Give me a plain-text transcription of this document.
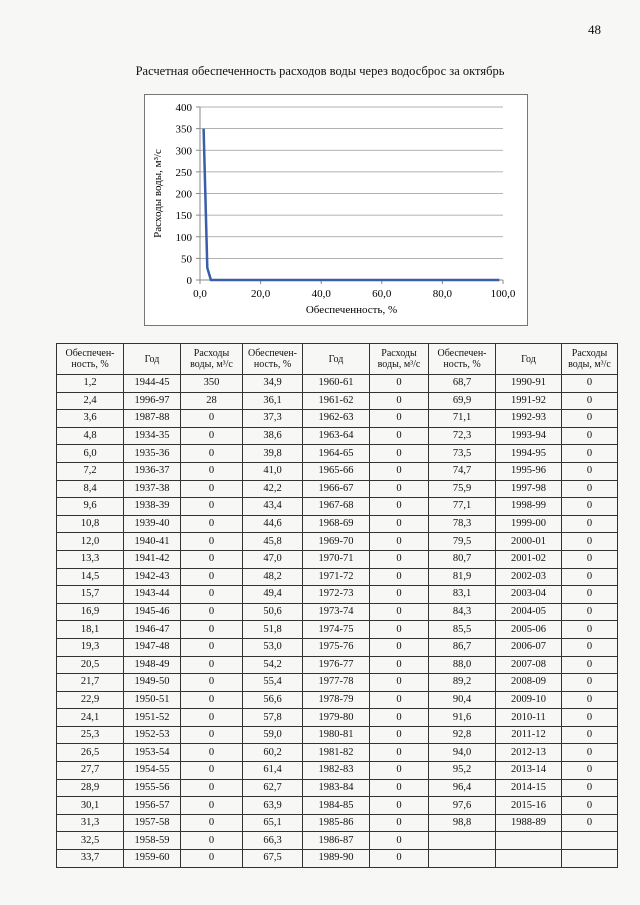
48
Расчетная обеспеченность расходов воды через водосброс за октябрь
0
50
100
150
200
250
300
350
400
0,0	20,0	40,0	60,0	80,0	100,0
Обеспеченность, %
Расходы воды, м³/с
Обеспечен-
ность, %	Год	Расходы
воды, м³/с	Обеспечен-
ность, %	Год	Расходы
воды, м³/с	Обеспечен-
ность, %	Год	Расходы
воды, м³/с
1,2	1944-45	350	34,9	1960-61	0	68,7	1990-91	0
2,4	1996-97	28	36,1	1961-62	0	69,9	1991-92	0
3,6	1987-88	0	37,3	1962-63	0	71,1	1992-93	0
4,8	1934-35	0	38,6	1963-64	0	72,3	1993-94	0
6,0	1935-36	0	39,8	1964-65	0	73,5	1994-95	0
7,2	1936-37	0	41,0	1965-66	0	74,7	1995-96	0
8,4	1937-38	0	42,2	1966-67	0	75,9	1997-98	0
9,6	1938-39	0	43,4	1967-68	0	77,1	1998-99	0
10,8	1939-40	0	44,6	1968-69	0	78,3	1999-00	0
12,0	1940-41	0	45,8	1969-70	0	79,5	2000-01	0
13,3	1941-42	0	47,0	1970-71	0	80,7	2001-02	0
14,5	1942-43	0	48,2	1971-72	0	81,9	2002-03	0
15,7	1943-44	0	49,4	1972-73	0	83,1	2003-04	0
16,9	1945-46	0	50,6	1973-74	0	84,3	2004-05	0
18,1	1946-47	0	51,8	1974-75	0	85,5	2005-06	0
19,3	1947-48	0	53,0	1975-76	0	86,7	2006-07	0
20,5	1948-49	0	54,2	1976-77	0	88,0	2007-08	0
21,7	1949-50	0	55,4	1977-78	0	89,2	2008-09	0
22,9	1950-51	0	56,6	1978-79	0	90,4	2009-10	0
24,1	1951-52	0	57,8	1979-80	0	91,6	2010-11	0
25,3	1952-53	0	59,0	1980-81	0	92,8	2011-12	0
26,5	1953-54	0	60,2	1981-82	0	94,0	2012-13	0
27,7	1954-55	0	61,4	1982-83	0	95,2	2013-14	0
28,9	1955-56	0	62,7	1983-84	0	96,4	2014-15	0
30,1	1956-57	0	63,9	1984-85	0	97,6	2015-16	0
31,3	1957-58	0	65,1	1985-86	0	98,8	1988-89	0
32,5	1958-59	0	66,3	1986-87	0			
33,7	1959-60	0	67,5	1989-90	0			
